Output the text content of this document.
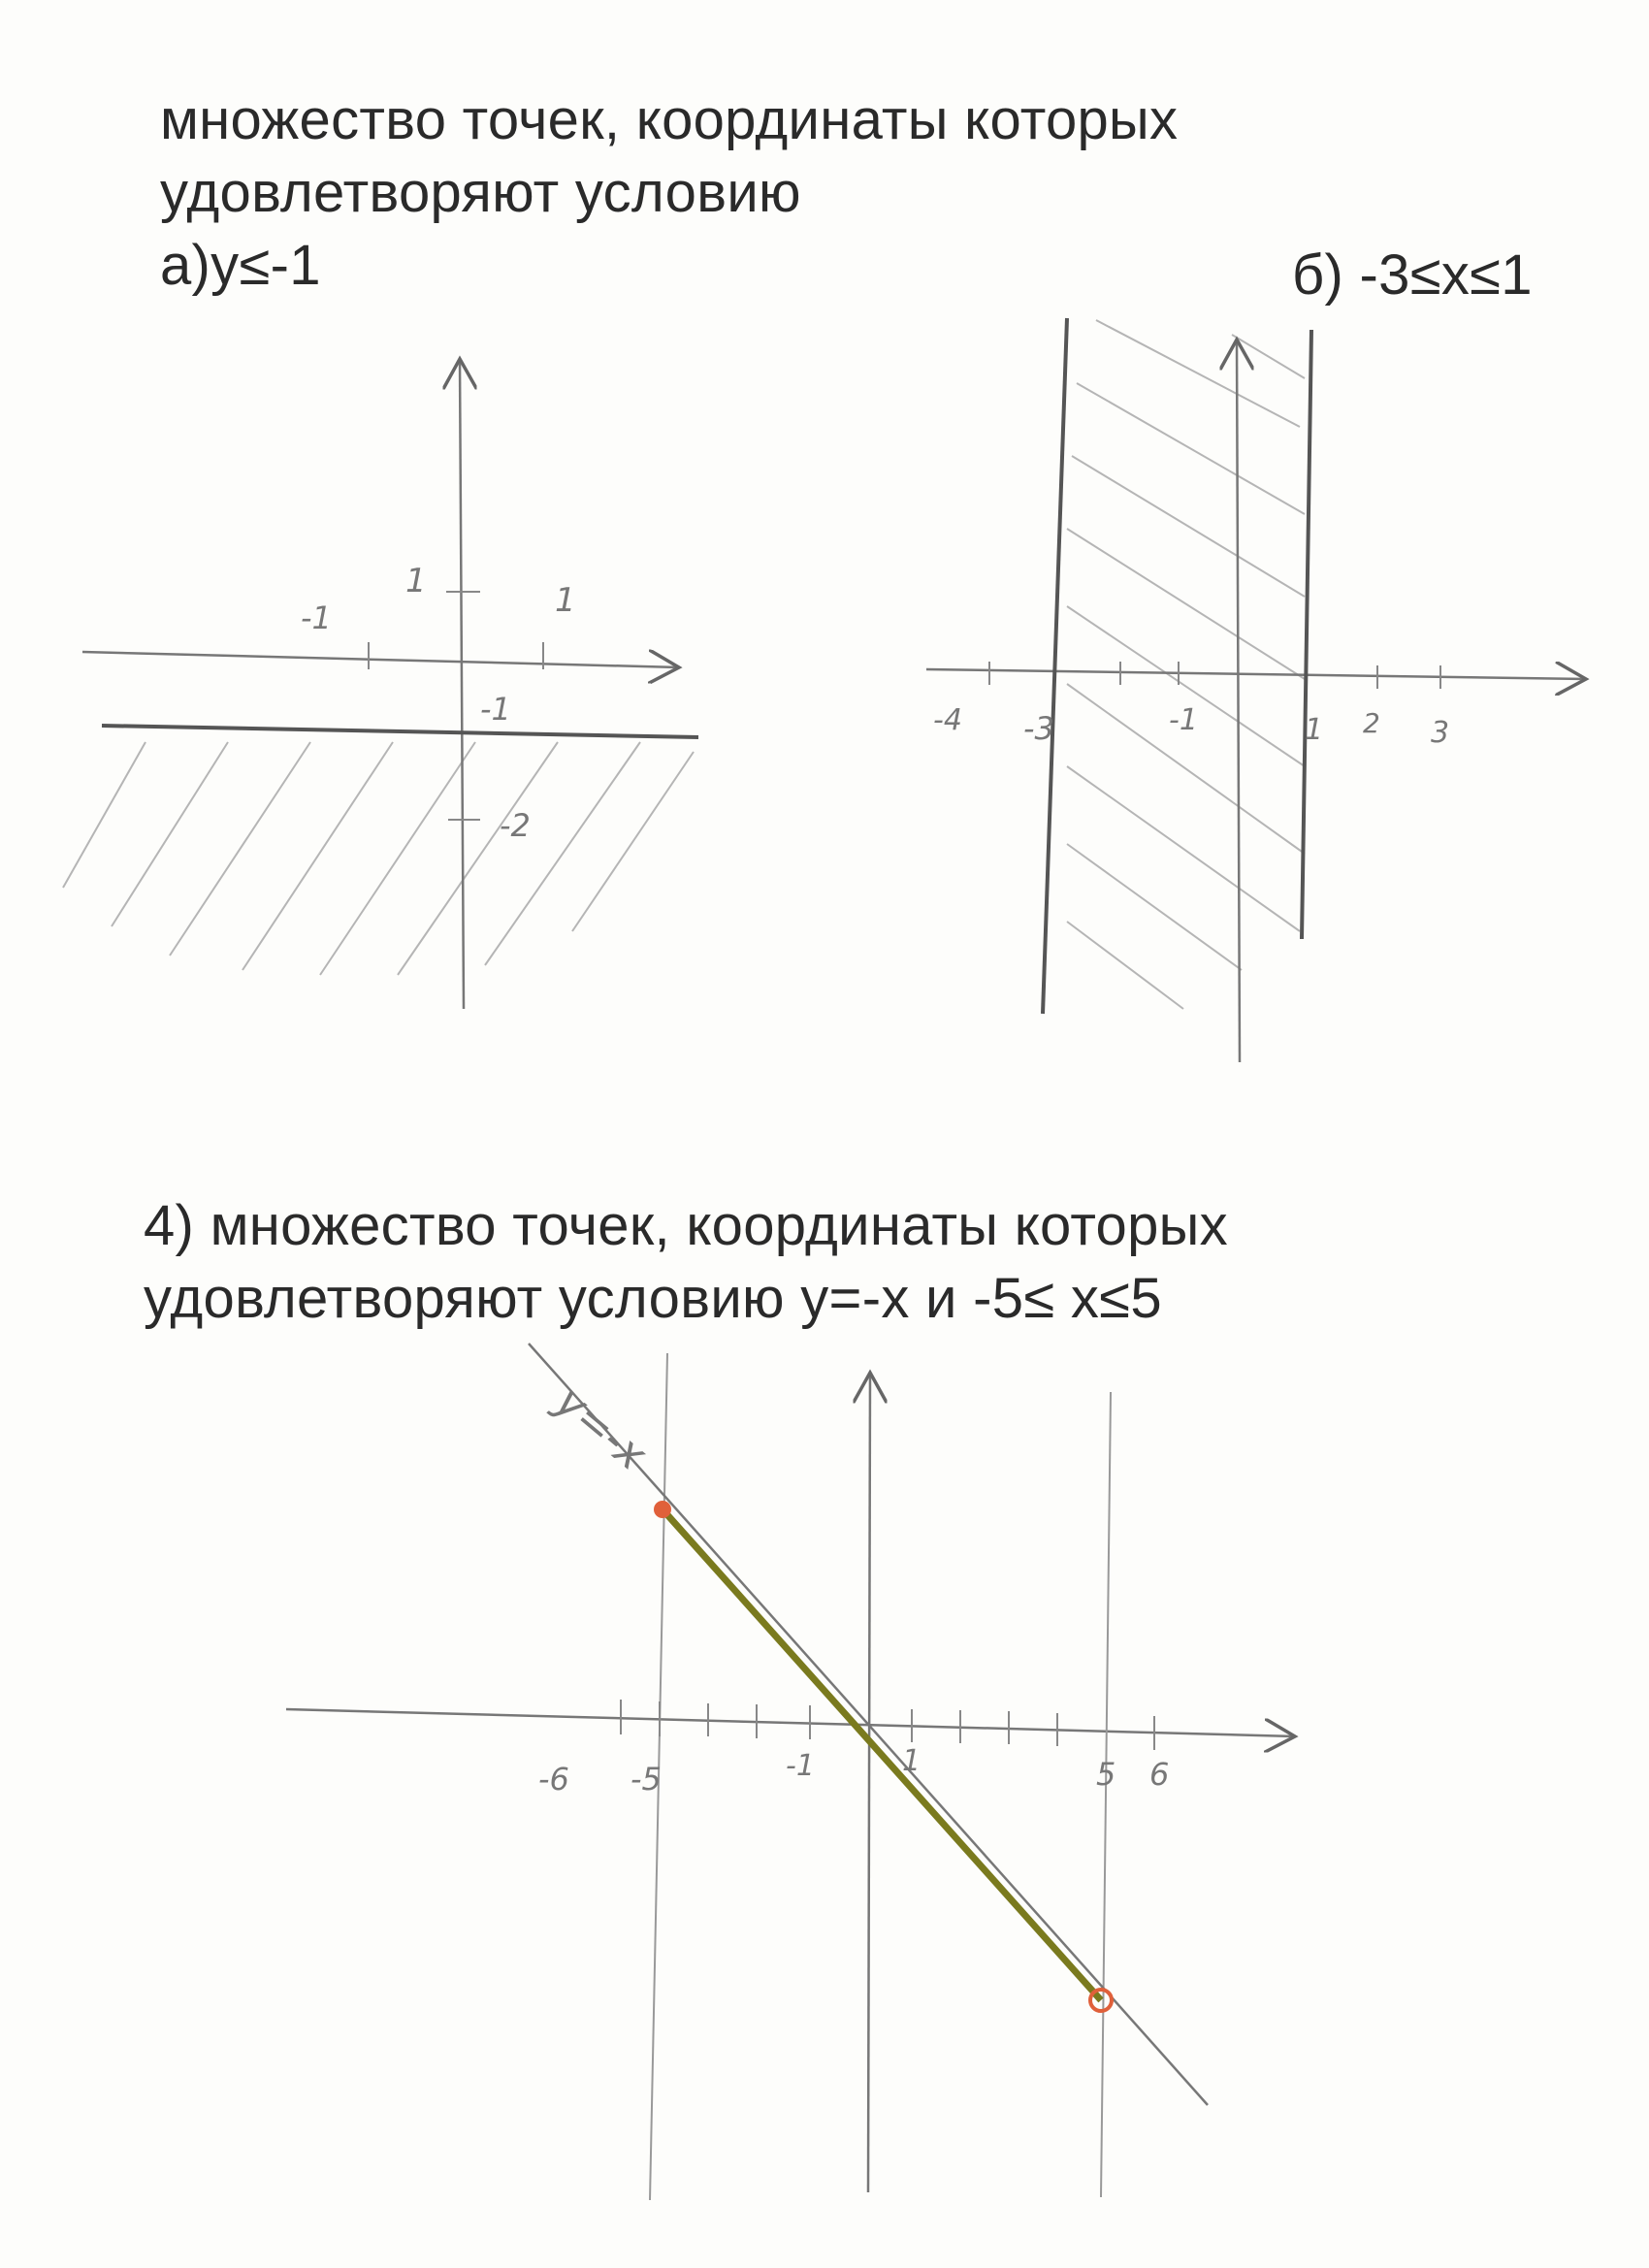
множество точек, координаты которых
удовлетворяют условию
а)y≤-1	б) -3≤x≤1
4) множество точек, координаты которых
удовлетворяют условию y=-x и -5≤ x≤5
1
-1	1
-1
-2
-4 -3	-1	1 2 3
y=-x
-6 -5	-1	1	5 6
